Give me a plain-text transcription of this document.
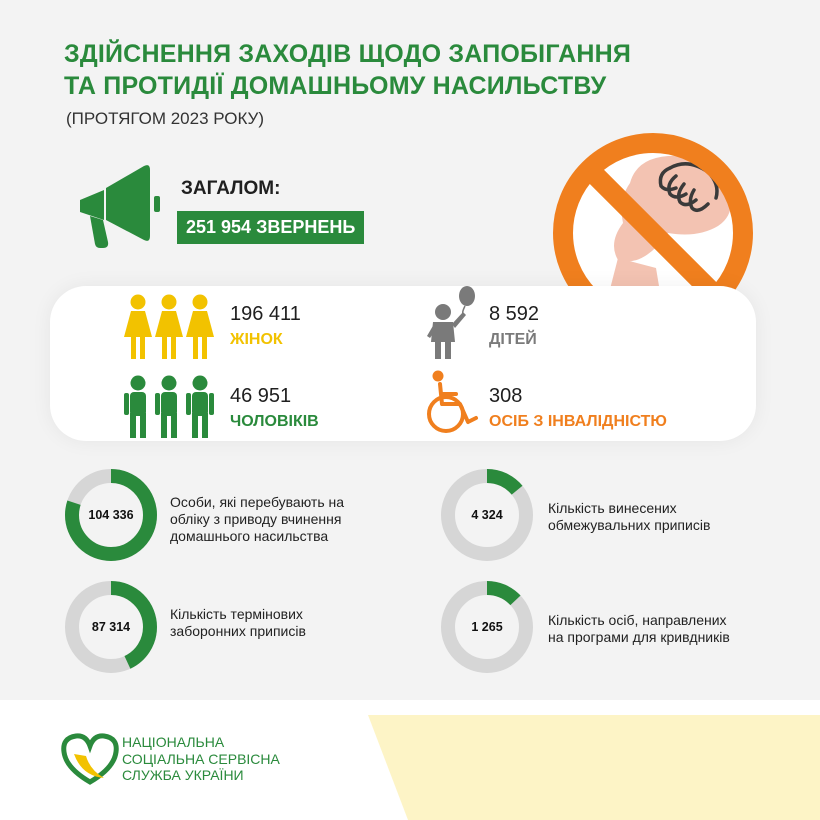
ЗДІЙСНЕННЯ ЗАХОДІВ ЩОДО ЗАПОБІГАННЯ
ТА ПРОТИДІЇ ДОМАШНЬОМУ НАСИЛЬСТВУ
(ПРОТЯГОМ 2023 РОКУ)
ЗАГАЛОМ:
251 954 ЗВЕРНЕНЬ
196 411
ЖІНОК
8 592
ДІТЕЙ
46 951
ЧОЛОВІКІВ
308
ОСІБ З ІНВАЛІДНІСТЮ
104 336
Особи, які перебувають на
обліку з приводу вчинення
домашнього насильства
4 324	Кількість винесених
обмежувальних приписів
87 314
Кількість термінових
заборонних приписів	1 265	Кількість осіб, направлених
на програми для кривдників
НАЦІОНАЛЬНА
СОЦІАЛЬНА СЕРВІСНА
СЛУЖБА УКРАЇНИ
